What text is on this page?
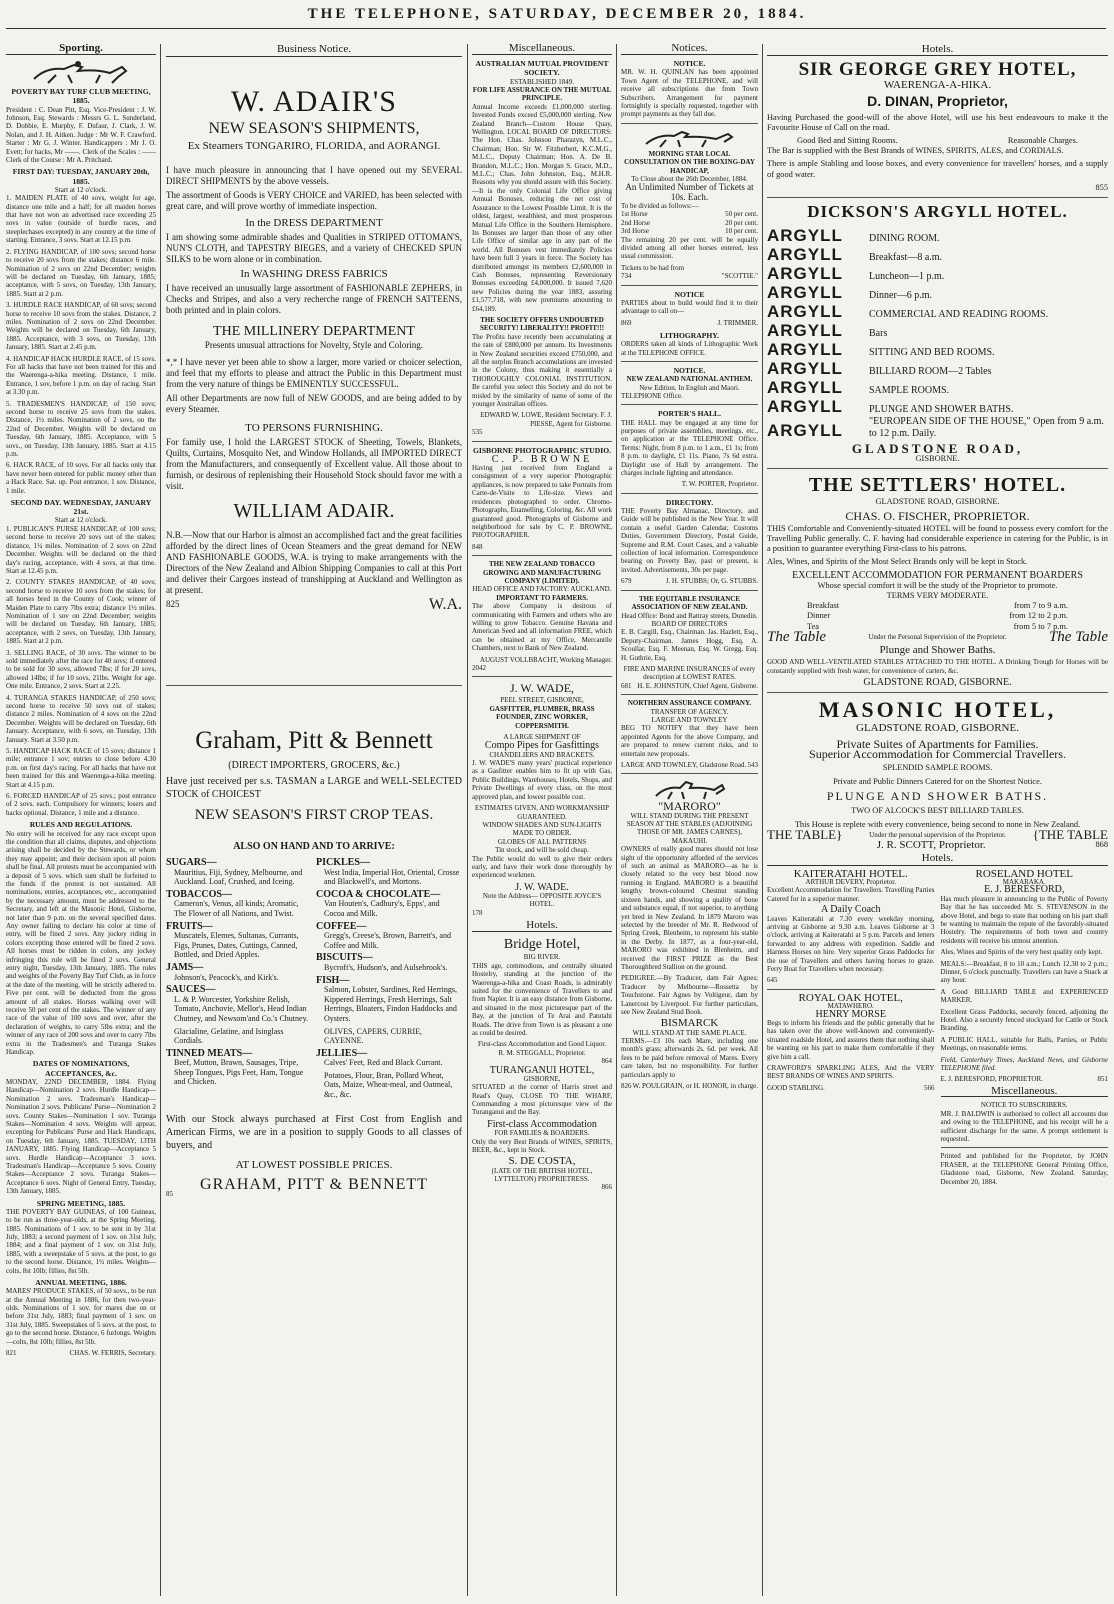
THE TELEPHONE, SATURDAY, DECEMBER 20, 1884.
Sporting.
POVERTY BAY TURF CLUB MEETING, 1885.

President : C. Dean Pitt, Esq. Vice-President : J. W. Johnson, Esq. Stewards : Messrs G. L. Sunderland, D. Dobbie, E. Murphy, F. Dufaur, J. Clark, J. W. Nolan, and J. H. Aitken. Judge : Mr W. F. Crawford. Starter : Mr G. J. Winter. Handicappers : Mr J. O. Evett; for hacks, Mr ——. Clerk of the Scales : —— Clerk of the Course : Mr A. Pritchard.

FIRST DAY: TUESDAY, JANUARY 20th, 1885.
Start at 12 o'clock.

1. MAIDEN PLATE of 40 sovs, weight for age, distance one mile and a half; for all maiden horses that have not won an advertised race exceeding 25 sovs in value (outside of hurdle races, and steeplechases excepted) in any country at the time of starting. Entrance, 3 sovs. Start at 12.15 p.m.

2. FLYING HANDICAP, of 100 sovs; second horse to receive 20 sovs from the stakes; distance 6 mile. Nomination of 2 sovs on 22nd December; weights will be declared on Tuesday, 6th January, 1885; acceptance, with 5 sovs, on Tuesday, 13th January, 1885. Start at 2 p.m.

3. HURDLE RACE HANDICAP, of 60 sovs; second horse to receive 10 sovs from the stakes. Distance, 2 miles. Nomination of 2 sovs on 22nd December. Weights will be declared on Tuesday, 6th January, 1885. Acceptance, with 3 sovs, on Tuesday, 13th January, 1885. Start at 2.45 p.m.

4. HANDICAP HACK HURDLE RACE, of 15 sovs. For all hacks that have not been trained for this and the Waerenga-a-hika meeting. Distance, 1 mile. Entrance, 1 sov, before 1 p.m. on day of racing. Start at 3.30 p.m.

5. TRADESMEN'S HANDICAP, of 150 sovs; second horse to receive 25 sovs from the stakes. Distance, 1½ miles. Nomination of 2 sovs, on the 22nd of December. Weights will be declared on Tuesday, 6th January, 1885. Acceptance, with 5 sovs., on Tuesday, 13th January, 1885. Start at 4.15 p.m.

6. HACK RACE, of 10 sovs. For all hacks only that have never been entered for public money other than a Hack Race. Sat. up. Post entrance, 1 sov. Distance, 1 mile.

SECOND DAY. WEDNESDAY, JANUARY 21st.
Start at 12 o'clock.

1. PUBLICAN'S PURSE HANDICAP, of 100 sovs; second horse to receive 20 sovs out of the stakes; distance, 1¼ miles. Nomination of 2 sovs on 22nd December. Weights will be declared on the third day's racing, acceptance, with 4 sovs, at that time. Start at 12.45 p.m.

2. COUNTY STAKES HANDICAP, of 40 sovs; second horse to receive 10 sovs from the stakes; for all horses bred in the County of Cook; winner of Maiden Plate to carry 7lbs extra; distance 1½ miles. Nomination of 1 sov on 22nd December; weights will be declared on Tuesday, 6th January, 1885; acceptance, with 2 sovs, on Tuesday, 13th January, 1885. Start at 2 p.m.

3. SELLING RACE, of 30 sovs. The winner to be sold immediately after the race for 40 sovs; if entered to be sold for 30 sovs, allowed 7lbs; if for 20 sovs, allowed 14lbs; if for 10 sovs, 21lbs. Weight for age. One mile. Entrance, 2 sovs. Start at 2.25.

4. TURANGA STAKES HANDICAP, of 250 sovs; second horse to receive 50 sovs out of stakes; distance 2 miles. Nomination of 4 sovs on the 22nd December. Weights will be declared on Tuesday, 6th January. Acceptance, with 6 sovs, on Tuesday, 13th January. Start at 3.50 p.m.

5. HANDICAP HACK RACE of 15 sovs; distance 1 mile; entrance 1 sov; entries to close before 4.30 p.m. on first day's racing. For all hacks that have not been trained for this and Waerenga-a-hika meeting. Start at 4.15 p.m.

6. FORCED HANDICAP of 25 sovs.; post entrance of 2 sovs. each. Compulsory for winners; losers and hacks optional. Distance, 1 mile and a distance.

RULES AND REGULATIONS.

No entry will be received for any race except upon the condition that all claims, disputes, and objections arising shall be decided by the Stewards, or whom they may appoint; and their decision upon all points shall be final. All protests must be accompanied with a deposit of 5 sovs. which sum shall be forfeited to the funds if the protest is not sustained. All nominations, entries, acceptances, etc., accompanied by the necessary amount, must be addressed to the Secretary, and left at the Masonic Hotel, Gisborne, not later than 9 p.m. on the several specified dates. Any owner failing to declare his color at time of entry, will be fined 2 sovs. Any jockey riding in colors excepting those entered will be fined 2 sovs. All horses must be ridden in colors, any jockey infringing this rule will be fined 2 sovs. General entry night, Tuesday, 13th January, 1885. The rules and weights of the Poverty Bay Turf Club, as in force at the date of the meeting, will be strictly adhered to. Five per cent. will be deducted from the gross amount of all stakes. Horses walking over will receive 50 per cent of the stakes. The winner of any race of the value of 100 sovs and over, after the declaration of weights, to carry 5lbs extra; and the winner of any race of 200 sovs and over to carry 7lbs extra in the Tradesmen's and Turanga Stakes Handicap.

DATES OF NOMINATIONS, ACCEPTANCES, &c.

MONDAY, 22ND DECEMBER, 1884. Flying Handicap—Nomination 2 sovs. Hurdle Handicap—Nomination 2 sovs. Tradesman's Handicap—Nomination 2 sovs. Publicans' Purse—Nomination 2 sovs. County Stakes—Nomination 1 sov. Turanga Stakes—Nomination 4 sovs. Weights will appear, excepting for Publicans' Purse and Hack Handicaps, on Tuesday, 6th January, 1885. TUESDAY, 13TH JANUARY, 1885. Flying Handicap—Acceptance 5 sovs. Hurdle Handicap—Acceptance 3 sovs. Tradesman's Handicap—Acceptance 5 sovs. County Stakes—Acceptance 2 sovs. Turanga Stakes—Acceptance 6 sovs. Night of General Entry, Tuesday, 13th January, 1885.

SPRING MEETING, 1885.

THE POVERTY BAY GUINEAS, of 100 Guineas, to be run as three-year-olds, at the Spring Meeting, 1885. Nominations of 1 sov. to be sent in by 31st July, 1883; a second payment of 1 sov. on 31st July, 1884; and a final payment of 1 sov. on 31st July, 1885, with a sweepstake of 5 sovs. at the post, to go to the second horse. Distance, 1½ miles. Weights—colts, 8st 10lb; fillies, 8st 5lb.

ANNUAL MEETING, 1886.

MARES' PRODUCE STAKES, of 50 sovs., to be run at the Annual Meeting in 1886, for then two-year-olds. Nominations of 1 sov. for mares due on or before 31st July, 1883; final payment of 1 sov. on 31st July, 1885. Sweepstakes of 5 sovs. at the post, to go to the second horse. Distance, 6 furlongs. Weights—colts, 8st 10lb; fillies, 8st 5lb.

821	CHAS. W. FERRIS, Secretary.
Business Notice.
W. ADAIR'S
NEW SEASON'S SHIPMENTS,
Ex Steamers TONGARIRO, FLORIDA, and AORANGI.

I have much pleasure in announcing that I have opened out my SEVERAL DIRECT SHIPMENTS by the above vessels.

The assortment of Goods is VERY CHOICE and VARIED, has been selected with great care, and will prove worthy of immediate inspection.

In the DRESS DEPARTMENT

I am showing some admirable shades and Qualities in STRIPED OTTOMAN'S, NUN'S CLOTH, and TAPESTRY BIEGES, and a variety of CHECKED SPUN SILKS to be worn alone or in combination.

In WASHING DRESS FABRICS

I have received an unusually large assortment of FASHIONABLE ZEPHERS, in Checks and Stripes, and also a very recherche range of FRENCH SATTEENS, both printed and in plain colors.

THE MILLINERY DEPARTMENT
Presents unusual attractions for Novelty, Style and Coloring.

*,* I have never yet been able to show a larger, more varied or choicer selection, and feel that my efforts to please and attract the Public in this Department must from the very nature of things be EMINENTLY SUCCESSFUL.

All other Departments are now full of NEW GOODS, and are being added to by every Steamer.

TO PERSONS FURNISHING.

For family use, I hold the LARGEST STOCK of Sheeting, Towels, Blankets, Quilts, Curtains, Mosquito Net, and Window Hollands, all IMPORTED DIRECT from the Manufacturers, and consequently of Excellent value. All those about to furnish, or desirous of replenishing their Household Stock should favor me with a visit.

WILLIAM ADAIR.

N.B.—Now that our Harbor is almost an accomplished fact and the great facilities afforded by the direct lines of Ocean Steamers and the great demand for NEW AND FASHIONABLE GOODS, W.A. is trying to make arrangements with the Directors of the New Zealand and Albion Shipping Companies to call at this Port and deliver their Cargoes instead of transhipping at Auckland and Wellington as at present.

825	W.A.
Graham, Pitt & Bennett
(DIRECT IMPORTERS, GROCERS, &c.)

Have just received per s.s. TASMAN a LARGE and WELL-SELECTED STOCK of CHOICEST

NEW SEASON'S FIRST CROP TEAS.
ALSO ON HAND AND TO ARRIVE:
SUGARS—
Mauritius, Fiji, Sydney, Melbourne, and Auckland. Loaf, Crushed, and Iceing.
TOBACCOS—
Cameron's, Venus, all kinds; Aromatic, The Flower of all Nations, and Twist.
FRUITS—
Muscatels, Elemes, Sultanas, Currants, Figs, Prunes, Dates, Cuttings, Canned, Bottled, and Dried Apples.
JAMS—
Johnson's, Peacock's, and Kirk's.
SAUCES—
L. & P. Worcester, Yorkshire Relish, Tomato, Anchovie, Mellor's, Head Indian Chutney, and Newsom'and Co.'s Chutney.
Glacialine, Gelatine, and Isinglass Cordials.
TINNED MEATS—
Beef, Mutton, Brawn, Sausages, Tripe, Sheep Tongues, Pigs Feet, Ham, Tongue and Chicken.
PICKLES—
West India, Imperial Hot, Oriental, Crosse and Blackwell's, and Mortons.
COCOA & CHOCOLATE—
Van Houten's, Cadbury's, Epps', and Cocoa and Milk.
COFFEE—
Gregg's, Creese's, Brown, Barrett's, and Coffee and Milk.
BISCUITS—
Bycroft's, Hudson's, and Aulsebrook's.
FISH—
Salmon, Lobster, Sardines, Red Herrings, Kippered Herrings, Fresh Herrings, Salt Herrings, Bloaters, Findon Haddocks and Oysters.
OLIVES, CAPERS, CURRIE, CAYENNE.
JELLIES—
Calves' Feet, Red and Black Currant.
Potatoes, Flour, Bran, Pollard Wheat, Oats, Maize, Wheat-meal, and Oatmeal, &c., &c.

With our Stock always purchased at First Cost from English and American Firms, we are in a position to supply Goods to all classes of buyers, and

AT LOWEST POSSIBLE PRICES.
GRAHAM, PITT & BENNETT
85
Miscellaneous.
AUSTRALIAN MUTUAL PROVIDENT SOCIETY.
ESTABLISHED 1849.
FOR LIFE ASSURANCE ON THE MUTUAL PRINCIPLE.

Annual Income exceeds £1,000,000 sterling. Invested Funds exceed £5,000,000 sterling. New Zealand Branch—Custom House Quay, Wellington. LOCAL BOARD OF DIRECTORS: The Hon. Chas. Johnson Pharazyn, M.L.C., Chairman; Hon. Sir W. Fitzherbert, K.C.M.G., M.L.C., Deputy Chairman; Hon. A. De B. Brandon, M.L.C.; Hon. Morgan S. Grace, M.D., M.L.C.; Chas. John Johnston, Esq., M.H.R. Reasons why you should assure with this Society.—It is the only Colonial Life Office giving Annual Bonuses, reducing the net cost of Assurance to the Lowest Possible Limit. It is the oldest, largest, wealthiest, and most prosperous Mutual Life Office in the Southern Hemisphere. Its Bonuses are larger than those of any other Life Office of similar age in any part of the world. All Bonuses vest immediately Policies have been full 3 years in force. The Society has distributed amongst its members £2,600,000 in Cash Bonuses, representing Reversionary Bonuses exceeding £4,000,000. It issued 7,620 new Policies during the year 1883, assuring £1,577,718, with new premiums amounting to £64,189.

THE SOCIETY OFFERS UNDOUBTED SECURITY! LIBERALITY!! PROFIT!!!

The Profits have recently been accumulating at the rate of £800,000 per annum. Its Investments in New Zealand securities exceed £750,000, and all the surplus Branch accumulations are invested in the Colony, thus making it essentially a THOROUGHLY COLONIAL INSTITUTION. Be careful you select this Society and do not be misled by the similarity of name of some of the younger Australian offices.

EDWARD W. LOWE, Resident Secretary. F. J. PIESSE, Agent for Gisborne.
535
GISBORNE PHOTOGRAPHIC STUDIO.
C. P. BROWNE

Having just received from England a consignment of a very superior Photographic appliances, is now prepared to take Portraits from Carte-de-Visite to Life-size. Views and residences photographed to order. Chromo-Photographs, Enamelling, Coloring, &c. All work guaranteed good. Photographs of Gisborne and neighborhood for sale by C. P. BROWNE, PHOTOGRAPHER.

848
THE NEW ZEALAND TOBACCO GROWING AND MANUFACTURING COMPANY (LIMITED).
HEAD OFFICE AND FACTORY: AUCKLAND.
IMPORTANT TO FARMERS.

The above Company is desirous of communicating with Farmers and others who are willing to grow Tobacco. Genuine Havana and American Seed and all information FREE, which can be obtained at my Office, Mercantile Chambers, next to Bank of New Zealand.

AUGUST VOLLBRACHT, Working Manager.
2042
J. W. WADE,
PEEL STREET, GISBORNE,
GASFITTER, PLUMBER, BRASS FOUNDER, ZINC WORKER, COPPERSMITH.
A LARGE SHIPMENT OF
Compo Pipes for Gasfittings
CHANDELIERS AND BRACKETS.

J. W. WADE'S many years' practical experience as a Gasfitter enables him to fit up with Gas, Public Buildings, Warehouses, Hotels, Shops, and Private Dwellings of every class, on the most approved plan, and lowest possible cost.

ESTIMATES GIVEN, AND WORKMANSHIP GUARANTEED.
WINDOW SHADES AND SUN-LIGHTS MADE TO ORDER.
GLOBES OF ALL PATTERNS
Tin stock, and will be sold cheap.

The Public would do well to give their orders early, and have their work done thoroughly by experienced workmen.

J. W. WADE.
Note the Address— OPPOSITE JOYCE'S HOTEL.
178
Hotels.
Bridge Hotel,
BIG RIVER.

THIS age, commodious, and centrally situated Hostelry, standing at the junction of the Waerenga-a-hika and Coast Roads, is admirably suited for the convenience of Travellers to and from Napier. It is an easy distance from Gisborne, and situated in the most picturesque part of the Bay, at the junction of Te Arai and Patutahi Roads. The drive from Town is as pleasant a one as could be desired.

First-class Accommodation and Good Liquor.
R. M. STEGGALL, Proprietor.
864
TURANGANUI HOTEL,
GISBORNE,

SITUATED at the corner of Harris street and Read's Quay, CLOSE TO THE WHARF, Commanding a most picturesque view of the Turanganui and the Bay.

First-class Accommodation
FOR FAMILIES & BOARDERS.

Only the very Best Brands of WINES, SPIRITS, BEER, &c., kept in Stock.

S. DE COSTA,
(LATE OF THE BRITISH HOTEL, LYTTELTON) PROPRIETRESS.
866
Notices.
NOTICE.

MR. W. H. QUINLAN has been appointed Town Agent of the TELEPHONE, and will receive all subscriptions due from Town Subscribers. Arrangement for payment fortnightly is specially requested, together with prompt payments as they fall due.

MORNING STAR LOCAL CONSULTATION ON THE BOXING-DAY HANDICAP,
To Close about the 26th December, 1884.
An Unlimited Number of Tickets at 10s. Each.
To be divided as follows:—
1st Horse	50 per cent.
2nd Horse	20 per cent.
3rd Horse	10 per cent.

The remaining 20 per cent. will be equally divided among all other horses entered, less usual commission.

Tickets to be had from
734	"SCOTTIE."
NOTICE

PARTIES about to build would find it to their advantage to call on—

869	J. TRIMMER.
LITHOGRAPHY.

ORDERS taken all kinds of Lithographic Work at the TELEPHONE OFFICE.

NOTICE.
NEW ZEALAND NATIONAL ANTHEM.
New Edition. In English and Maori.
TELEPHONE Office.
PORTER'S HALL.

THE HALL may be engaged at any time for purposes of private assemblies, meetings, etc., on application at the TELEPHONE Office. Terms: Night, from 8 p.m. to 1 a.m., £1 1s; from 8 p.m. to daylight, £1 11s. Piano, 7s 6d extra. Daylight use of Hall by arrangement. The charges include lighting and attendance.

T. W. PORTER, Proprietor.
DIRECTORY.

THE Poverty Bay Almanac, Directory, and Guide will be published in the New Year. It will contain a useful Garden Calendar, Customs Duties, Government Directory, Postal Guide, Supreme and R.M. Court Cases, and a valuable collection of local information. Correspondence bearing on Poverty Bay, past or present, is invited. Advertisements, 30s per page.

679	J. H. STUBBS; Or, G. STUBBS.
THE EQUITABLE INSURANCE ASSOCIATION OF NEW ZEALAND.
Head Office: Bond and Rattray streets, Dunedin.
BOARD OF DIRECTORS

E. B. Cargill, Esq., Chairman. Jas. Hazlett, Esq., Deputy-Chairman. James Hogg, Esq. A. Scoullar, Esq. F. Meenan, Esq. W. Gregg, Esq. H. Guthrie, Esq.

FIRE AND MARINE INSURANCES of every description at LOWEST RATES.
681 H. E. JOHNSTON, Chief Agent, Gisborne.
NORTHERN ASSURANCE COMPANY.
TRANSFER OF AGENCY.
LARGE AND TOWNLEY

BEG TO NOTIFY that they have been appointed Agents for the above Company, and are prepared to renew current risks, and to entertain new proposals.

LARGE AND TOWNLEY, Gladstone Road. 543
"MARORO"
WILL STAND DURING THE PRESENT SEASON AT THE STABLES (ADJOINING THOSE OF MR. JAMES CARNES), MAKAUHI.

OWNERS of really good mares should not lose sight of the opportunity afforded of the services of such an animal as MARORO—as he is closely related to the very best blood now running in England. MARORO is a beautiful lengthy brown-coloured Chestnut standing sixteen hands, and showing a quality of bone and substance equal, if not superior, to anything yet bred in New Zealand. In 1879 Maroro was selected by the breeder of Mr. R. Redwood of Spring Creek, Blenheim, to represent his stable in the Derby. In 1877, as a four-year-old, MARORO was exhibited in Blenheim, and received the FIRST PRIZE as the Best Thoroughbred Stallion on the ground.

PEDIGREE.—By Traducer, dam Fair Agnes; Traducer by Melbourne—Rossetta by Touchstone. Fair Agnes by Voltigeur, dam by Lanercost by Liverpool. For further particulars, see New Zealand Stud Book.

BISMARCK
WILL STAND AT THE SAME PLACE.

TERMS.—£3 10s each Mare, including one month's grass; afterwards 2s. 6d. per week. All fees to be paid before removal of Mares. Every care taken, but no responsibility. For further particulars apply to

826 W. POULGRAIN, or H. HONOR, in charge.
Hotels.
SIR GEORGE GREY HOTEL,
WAERENGA-A-HIKA.
D. DINAN, Proprietor,

Having Purchased the good-will of the above Hotel, will use his best endeavours to make it the Favourite House of Call on the road.

Good Bed and Sitting Rooms.	Reasonable Charges.

The Bar is supplied with the Best Brands of WINES, SPIRITS, ALES, and CORDIALS.

There is ample Stabling and loose boxes, and every convenience for travellers' horses, and a supply of good water.

855
DICKSON'S ARGYLL HOTEL.
ARGYLL	DINING ROOM.
ARGYLL	Breakfast—8 a.m.
ARGYLL	Luncheon—1 p.m.
ARGYLL	Dinner—6 p.m.
ARGYLL	COMMERCIAL AND READING ROOMS.
ARGYLL	Bars
ARGYLL	SITTING AND BED ROOMS.
ARGYLL	BILLIARD ROOM—2 Tables
ARGYLL	SAMPLE ROOMS.
ARGYLL	PLUNGE AND SHOWER BATHS.
ARGYLL	"EUROPEAN SIDE OF THE HOUSE," Open from 9 a.m. to 12 p.m. Daily.
GLADSTONE ROAD,
GISBORNE.
THE SETTLERS' HOTEL.
GLADSTONE ROAD, GISBORNE.
CHAS. O. FISCHER, PROPRIETOR.

THIS Comfortable and Conveniently-situated HOTEL will be found to possess every comfort for the Travelling Public generally. C. F. having had considerable experience in catering for the Public, is in a position to guarantee everything First-class to his patrons.

Ales, Wines, and Spirits of the Most Select Brands only will be kept in Stock.

EXCELLENT ACCOMMODATION FOR PERMANENT BOARDERS
Whose special comfort it will be the study of the Proprietor to promote.
TERMS VERY MODERATE.
Breakfast	from 7 to 9 a.m.
Dinner	from 12 to 2 p.m.
Tea	from 5 to 7 p.m.
The Table	Under the Personal Supervision of the Proprietor.	The Table
Plunge and Shower Baths.

GOOD AND WELL-VENTILATED STABLES ATTACHED TO THE HOTEL. A Drinking Trough for Horses will be constantly supplied with fresh water, for convenience of carters, &c.

GLADSTONE ROAD, GISBORNE.
MASONIC HOTEL,
GLADSTONE ROAD, GISBORNE.
Private Suites of Apartments for Families.
Superior Accommodation for Commercial Travellers.
SPLENDID SAMPLE ROOMS.
Private and Public Dinners Catered for on the Shortest Notice.
PLUNGE AND SHOWER BATHS.
TWO OF ALCOCK'S BEST BILLIARD TABLES.
This House is replete with every convenience, being second to none in New Zealand.
THE TABLE}	Under the personal supervision of the Proprietor.	{THE TABLE
J. R. SCOTT, Proprietor.	868
Hotels.
KAITERATAHI HOTEL.
ARTHUR DEVERY, Proprietor.

Excellent Accommodation for Travellers. Travelling Parties Catered for in a superior manner.

A Daily Coach

Leaves Kaiteratahi at 7.30 every weekday morning, arriving at Gisborne at 9.30 a.m. Leaves Gisborne at 3 o'clock, arriving at Kaiteratahi at 5 p.m. Parcels and letters forwarded to any address with expedition. Saddle and Harness Horses on hire. Very superior Grass Paddocks for the use of Travellers and others having horses to graze. Ferry Boat for Travellers when necessary.

645
ROYAL OAK HOTEL,
MATAWHERO.
HENRY MORSE

Begs to inform his friends and the public generally that he has taken over the above well-known and conveniently-situated roadside Hotel, and assures them that nothing shall be wanting on his part to make them comfortable if they give him a call.

CRAWFORD'S SPARKLING ALES, And the VERY BEST BRANDS OF WINES AND SPIRITS.

GOOD STABLING.	566
ROSELAND HOTEL
MAKARAKA.
E. J. BERESFORD,

Has much pleasure in announcing to the Public of Poverty Bay that he has succeeded Mr. S. STEVENSON in the above Hotel, and begs to state that nothing on his part shall be wanting to maintain the repute of the favorably-situated Hostelry. The requirements of both town and country residents will receive his utmost attention.

Ales, Wines and Spirits of the very best quality only kept.

MEALS:—Breakfast, 8 to 10 a.m.; Lunch 12.30 to 2 p.m.; Dinner, 6 o'clock punctually. Travellers can have a Snack at any hour.

A Good BILLIARD TABLE and EXPERIENCED MARKER.

Excellent Grass Paddocks, securely fenced, adjoining the Hotel. Also a securely fenced stockyard for Cattle or Stock Branding.

A PUBLIC HALL, suitable for Balls, Parties, or Public Meetings, on reasonable terms.

Field, Canterbury Times, Auckland News, and Gisborne TELEPHONE filed.

E. J. BERESFORD, PROPRIETOR.	851
Miscellaneous.
NOTICE TO SUBSCRIBERS.

MR. J. BALDWIN is authorised to collect all accounts due and owing to the TELEPHONE, and his receipt will be a sufficient discharge for the same. A prompt settlement is requested.

Printed and published for the Proprietor, by JOHN FRASER, at the TELEPHONE General Printing Office, Gladstone road, Gisborne, New Zealand. Saturday, December 20, 1884.
